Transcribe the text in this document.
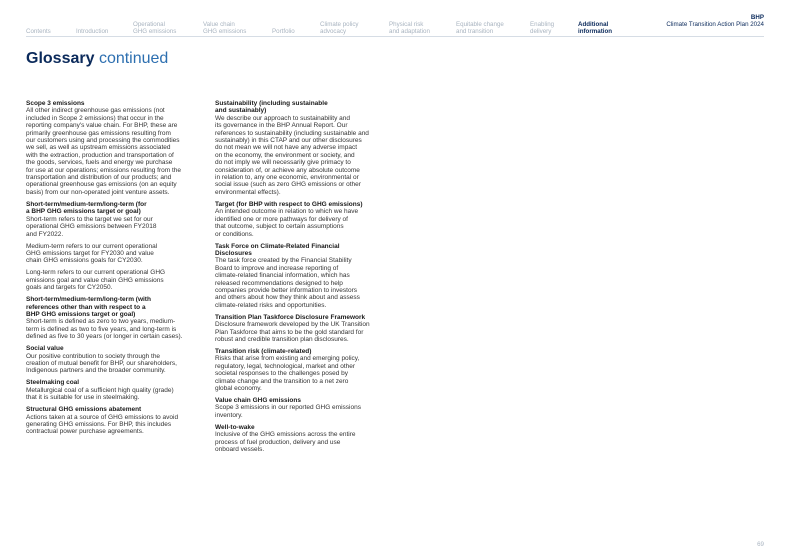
Contents	Introduction
Operational
GHG emissions
Value chain
GHG emissions	Portfolio
Climate policy
advocacy
Physical risk
and adaptation
Equitable change
and transition
Enabling
delivery
Additional
information
BHP
Climate Transition Action Plan 2024
Glossary continued
Scope 3 emissions
All other indirect greenhouse gas emissions (not
included in Scope 2 emissions) that occur in the
reporting company's value chain. For BHP, these are
primarily greenhouse gas emissions resulting from
our customers using and processing the commodities
we sell, as well as upstream emissions associated
with the extraction, production and transportation of
the goods, services, fuels and energy we purchase
for use at our operations; emissions resulting from the
transportation and distribution of our products; and
operational greenhouse gas emissions (on an equity
basis) from our non-operated joint venture assets.
Short-term/medium-term/long-term (for
a BHP GHG emissions target or goal)
Short-term refers to the target we set for our
operational GHG emissions between FY2018
and FY2022.
Medium-term refers to our current operational
GHG emissions target for FY2030 and value
chain GHG emissions goals for CY2030.
Long-term refers to our current operational GHG
emissions goal and value chain GHG emissions
goals and targets for CY2050.
Short-term/medium-term/long-term (with
references other than with respect to a
BHP GHG emissions target or goal)
Short-term is defined as zero to two years, medium-
term is defined as two to five years, and long-term is
defined as five to 30 years (or longer in certain cases).
Social value
Our positive contribution to society through the
creation of mutual benefit for BHP, our shareholders,
Indigenous partners and the broader community.
Steelmaking coal
Metallurgical coal of a sufficient high quality (grade)
that it is suitable for use in steelmaking.
Structural GHG emissions abatement
Actions taken at a source of GHG emissions to avoid
generating GHG emissions. For BHP, this includes
contractual power purchase agreements.
Sustainability (including sustainable
and sustainably)
We describe our approach to sustainability and
its governance in the BHP Annual Report. Our
references to sustainability (including sustainable and
sustainably) in this CTAP and our other disclosures
do not mean we will not have any adverse impact
on the economy, the environment or society, and
do not imply we will necessarily give primacy to
consideration of, or achieve any absolute outcome
in relation to, any one economic, environmental or
social issue (such as zero GHG emissions or other
environmental effects).
Target (for BHP with respect to GHG emissions)
An intended outcome in relation to which we have
identified one or more pathways for delivery of
that outcome, subject to certain assumptions
or conditions.
Task Force on Climate-Related Financial
Disclosures
The task force created by the Financial Stability
Board to improve and increase reporting of
climate-related financial information, which has
released recommendations designed to help
companies provide better information to investors
and others about how they think about and assess
climate-related risks and opportunities.
Transition Plan Taskforce Disclosure Framework
Disclosure framework developed by the UK Transition
Plan Taskforce that aims to be the gold standard for
robust and credible transition plan disclosures.
Transition risk (climate-related)
Risks that arise from existing and emerging policy,
regulatory, legal, technological, market and other
societal responses to the challenges posed by
climate change and the transition to a net zero
global economy.
Value chain GHG emissions
Scope 3 emissions in our reported GHG emissions
inventory.
Well-to-wake
Inclusive of the GHG emissions across the entire
process of fuel production, delivery and use
onboard vessels.
69
